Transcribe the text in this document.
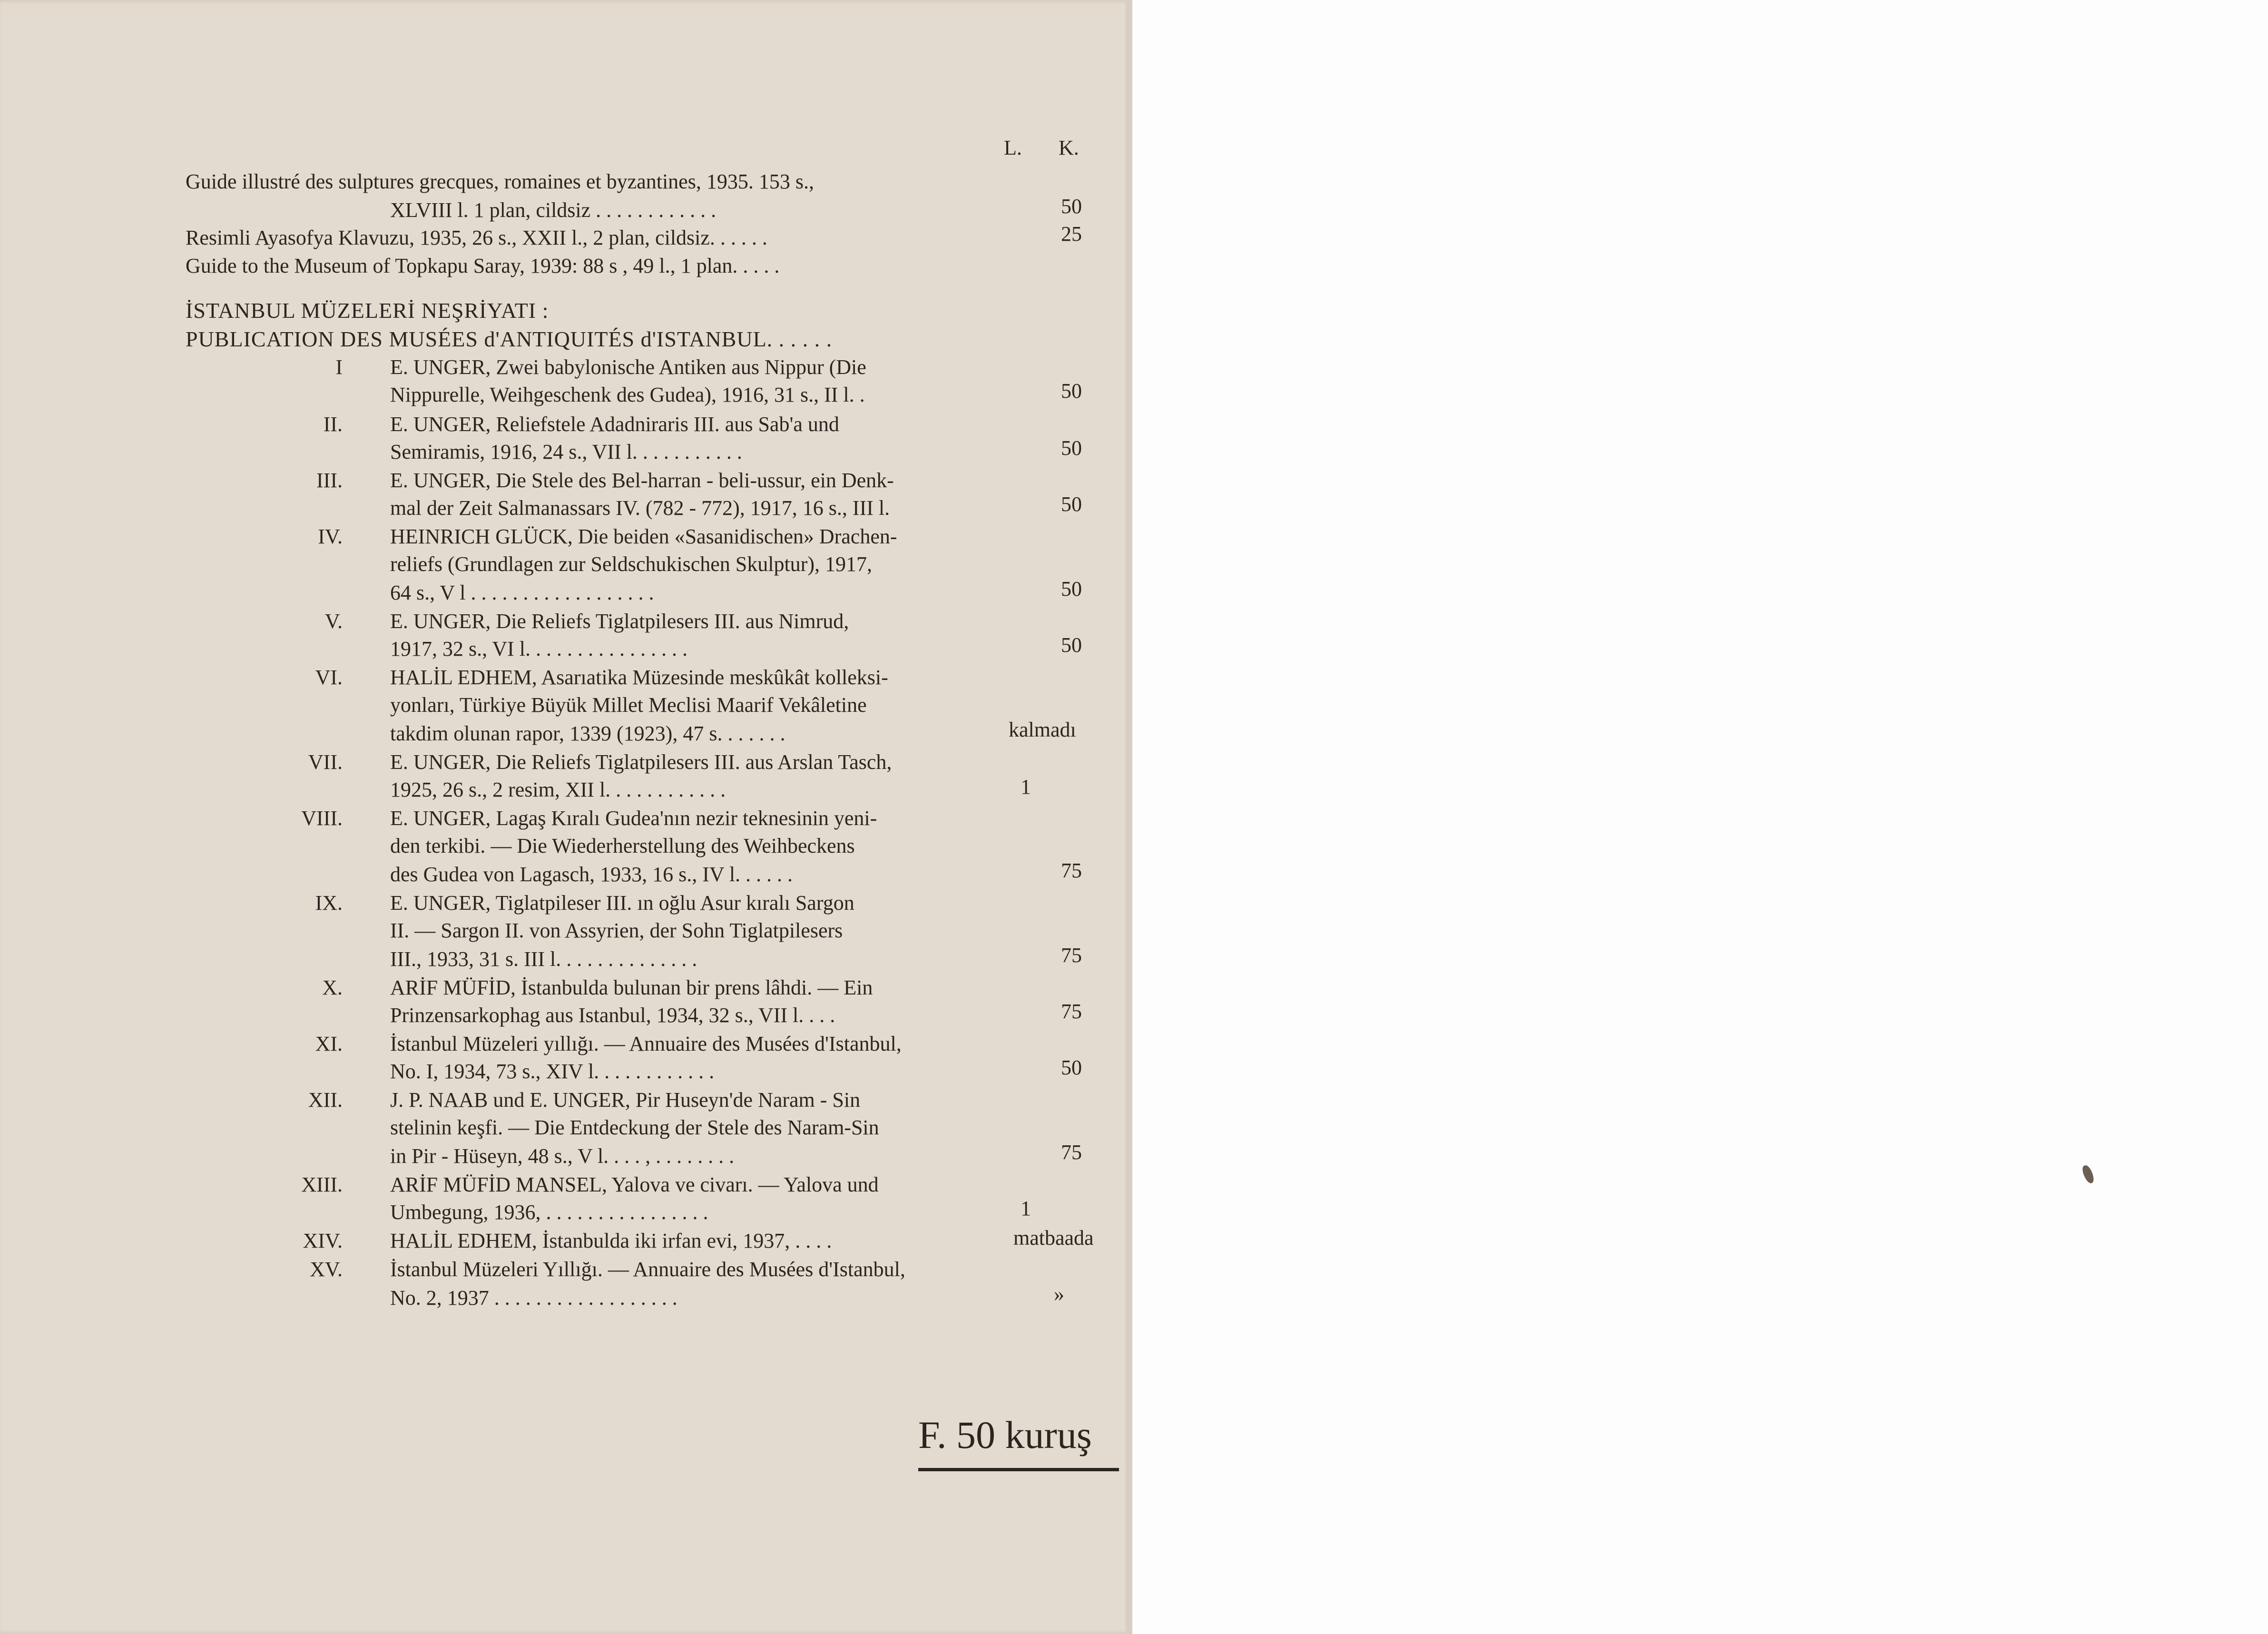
L. K.
Guide illustré des sulptures grecques, romaines et byzantines, 1935. 153 s.,
XLVIII l. 1 plan, cildsiz . . . . . . . . . . . .	50
Resimli Ayasofya Klavuzu, 1935, 26 s., XXII l., 2 plan, cildsiz. . . . . .	25
Guide to the Museum of Topkapu Saray, 1939: 88 s , 49 l., 1 plan. . . . .
İSTANBUL MÜZELERİ NEŞRİYATI :
PUBLICATION DES MUSÉES d'ANTIQUITÉS d'ISTANBUL. . . . . .
I E. UNGER, Zwei babylonische Antiken aus Nippur (Die
Nippurelle, Weihgeschenk des Gudea), 1916, 31 s., II l. .	50
II. E. UNGER, Reliefstele Adadniraris III. aus Sab'a und
Semiramis, 1916, 24 s., VII l. . . . . . . . . . .	50
III. E. UNGER, Die Stele des Bel-harran - beli-ussur, ein Denk-
mal der Zeit Salmanassars IV. (782 - 772), 1917, 16 s., III l.	50
IV. HEINRICH GLÜCK, Die beiden «Sasanidischen» Drachen-
reliefs (Grundlagen zur Seldschukischen Skulptur), 1917,
64 s., V l . . . . . . . . . . . . . . . . . .	50
V. E. UNGER, Die Reliefs Tiglatpilesers III. aus Nimrud,
1917, 32 s., VI l. . . . . . . . . . . . . . . .	50
VI. HALİL EDHEM, Asarıatika Müzesinde meskûkât kolleksi-
yonları, Türkiye Büyük Millet Meclisi Maarif Vekâletine
takdim olunan rapor, 1339 (1923), 47 s. . . . . . .	kalmadı
VII. E. UNGER, Die Reliefs Tiglatpilesers III. aus Arslan Tasch,
1925, 26 s., 2 resim, XII l. . . . . . . . . . . .	1
VIII. E. UNGER, Lagaş Kıralı Gudea'nın nezir teknesinin yeni-
den terkibi. — Die Wiederherstellung des Weihbeckens
des Gudea von Lagasch, 1933, 16 s., IV l. . . . . .	75
IX. E. UNGER, Tiglatpileser III. ın oğlu Asur kıralı Sargon
II. — Sargon II. von Assyrien, der Sohn Tiglatpilesers
III., 1933, 31 s. III l. . . . . . . . . . . . . .	75
X. ARİF MÜFİD, İstanbulda bulunan bir prens lâhdi. — Ein
Prinzensarkophag aus Istanbul, 1934, 32 s., VII l. . . .	75
XI. İstanbul Müzeleri yıllığı. — Annuaire des Musées d'Istanbul,
No. I, 1934, 73 s., XIV l. . . . . . . . . . . .	50
XII. J. P. NAAB und E. UNGER, Pir Huseyn'de Naram - Sin
stelinin keşfi. — Die Entdeckung der Stele des Naram-Sin
in Pir - Hüseyn, 48 s., V l. . . . , . . . . . . . .	75
XIII. ARİF MÜFİD MANSEL, Yalova ve civarı. — Yalova und
Umbegung, 1936, . . . . . . . . . . . . . . . .	1
XIV. HALİL EDHEM, İstanbulda iki irfan evi, 1937, . . . .	matbaada
XV. İstanbul Müzeleri Yıllığı. — Annuaire des Musées d'Istanbul,
No. 2, 1937 . . . . . . . . . . . . . . . . . .	»
F. 50 kuruş
